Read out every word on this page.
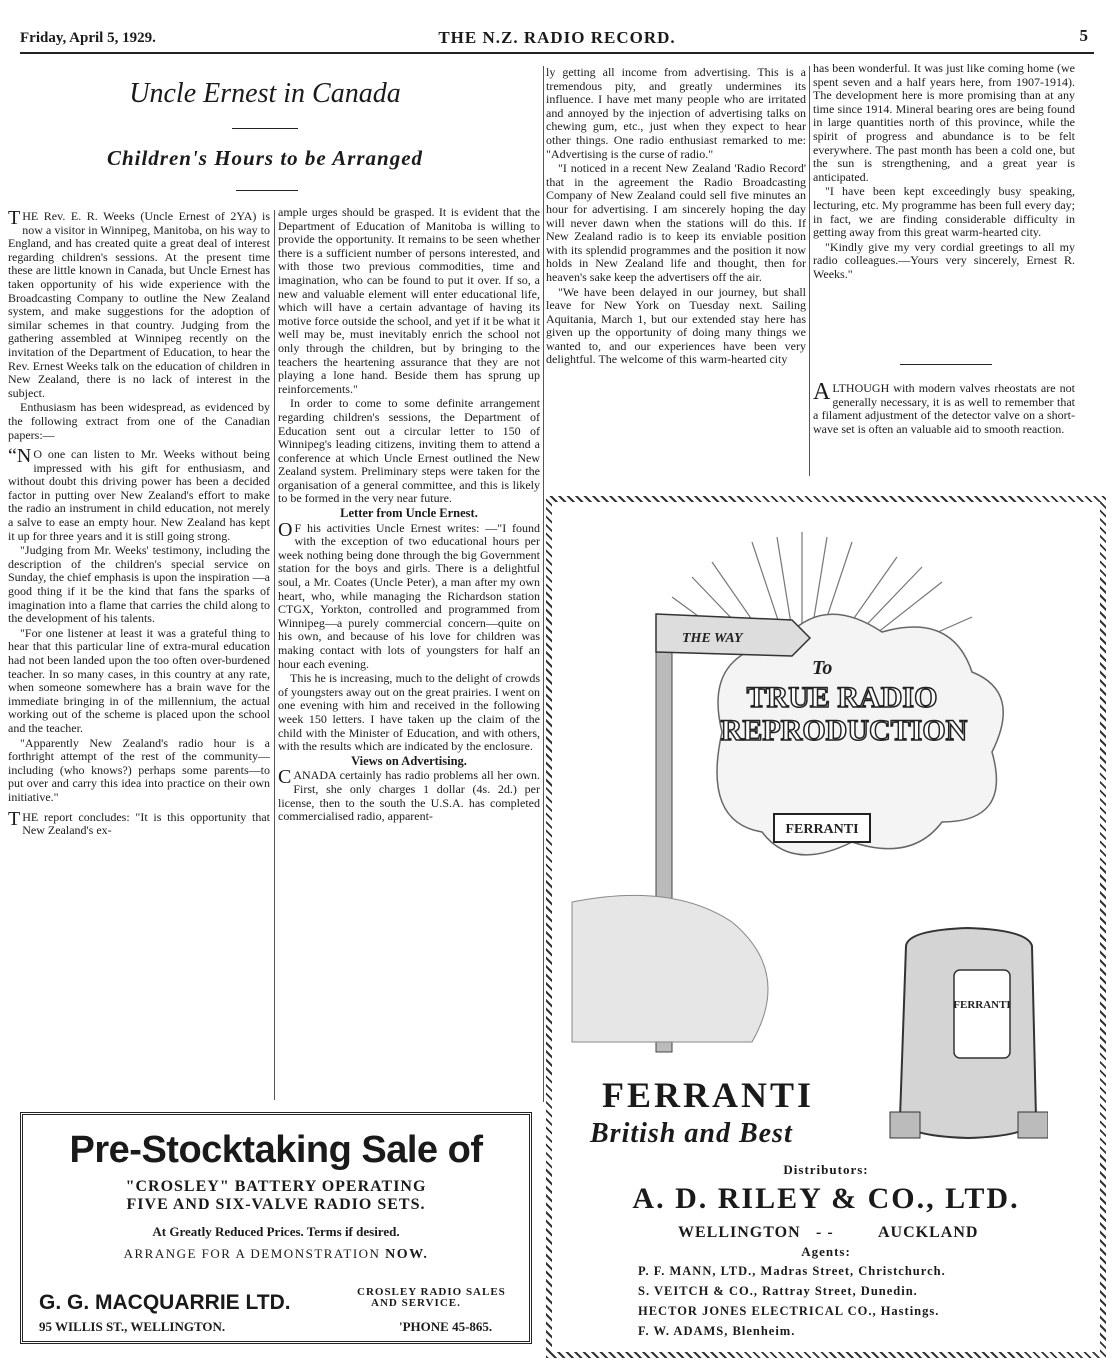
Friday, April 5, 1929.	THE N.Z. RADIO RECORD.	5
Uncle Ernest in Canada
Children's Hours to be Arranged

THE Rev. E. R. Weeks (Uncle Ernest of 2YA) is now a visitor in Winnipeg, Manitoba, on his way to England, and has created quite a great deal of interest regarding children's sessions. At the present time these are little known in Canada, but Uncle Ernest has taken opportunity of his wide experience with the Broadcasting Company to outline the New Zealand system, and make suggestions for the adoption of similar schemes in that country. Judging from the gathering assembled at Winnipeg recently on the invitation of the Department of Education, to hear the Rev. Ernest Weeks talk on the education of children in New Zealand, there is no lack of interest in the subject.

Enthusiasm has been widespread, as evidenced by the following extract from one of the Canadian papers:—

“N O one can listen to Mr. Weeks without being impressed with his gift for enthusiasm, and without doubt this driving power has been a decided factor in putting over New Zealand's effort to make the radio an instrument in child education, not merely a salve to ease an empty hour. New Zealand has kept it up for three years and it is still going strong.

"Judging from Mr. Weeks' testimony, including the description of the children's special service on Sunday, the chief emphasis is upon the inspiration —a good thing if it be the kind that fans the sparks of imagination into a flame that carries the child along to the development of his talents.

"For one listener at least it was a grateful thing to hear that this particular line of extra-mural education had not been landed upon the too often over-burdened teacher. In so many cases, in this country at any rate, when someone somewhere has a brain wave for the immediate bringing in of the millennium, the actual working out of the scheme is placed upon the school and the teacher.

"Apparently New Zealand's radio hour is a forthright attempt of the rest of the community—including (who knows?) perhaps some parents—to put over and carry this idea into practice on their own initiative."

THE report concludes: "It is this opportunity that New Zealand's ex-

ample urges should be grasped. It is evident that the Department of Education of Manitoba is willing to provide the opportunity. It remains to be seen whether there is a sufficient number of persons interested, and with those two previous commodities, time and imagination, who can be found to put it over. If so, a new and valuable element will enter educational life, which will have a certain advantage of having its motive force outside the school, and yet if it be what it well may be, must inevitably enrich the school not only through the children, but by bringing to the teachers the heartening assurance that they are not playing a lone hand. Beside them has sprung up reinforcements."

In order to come to some definite arrangement regarding children's sessions, the Department of Education sent out a circular letter to 150 of Winnipeg's leading citizens, inviting them to attend a conference at which Uncle Ernest outlined the New Zealand system. Preliminary steps were taken for the organisation of a general committee, and this is likely to be formed in the very near future.

Letter from Uncle Ernest.

O F his activities Uncle Ernest writes: —"I found with the exception of two educational hours per week nothing being done through the big Government station for the boys and girls. There is a delightful soul, a Mr. Coates (Uncle Peter), a man after my own heart, who, while managing the Richardson station CTGX, Yorkton, controlled and programmed from Winnipeg—a purely commercial concern—quite on his own, and because of his love for children was making contact with lots of youngsters for half an hour each evening.

This he is increasing, much to the delight of crowds of youngsters away out on the great prairies. I went on one evening with him and received in the following week 150 letters. I have taken up the claim of the child with the Minister of Education, and with others, with the results which are indicated by the enclosure.

Views on Advertising.

CANADA certainly has radio problems all her own. First, she only charges 1 dollar (4s. 2d.) per license, then to the south the U.S.A. has completed commercialised radio, apparent-

ly getting all income from advertising. This is a tremendous pity, and greatly undermines its influence. I have met many people who are irritated and annoyed by the injection of advertising talks on chewing gum, etc., just when they expect to hear other things. One radio enthusiast remarked to me: "Advertising is the curse of radio."

"I noticed in a recent New Zealand 'Radio Record' that in the agreement the Radio Broadcasting Company of New Zealand could sell five minutes an hour for advertising. I am sincerely hoping the day will never dawn when the stations will do this. If New Zealand radio is to keep its enviable position with its splendid programmes and the position it now holds in New Zealand life and thought, then for heaven's sake keep the advertisers off the air.

"We have been delayed in our journey, but shall leave for New York on Tuesday next. Sailing Aquitania, March 1, but our extended stay here has given up the opportunity of doing many things we wanted to, and our experiences have been very delightful. The welcome of this warm-hearted city

has been wonderful. It was just like coming home (we spent seven and a half years here, from 1907-1914). The development here is more promising than at any time since 1914. Mineral bearing ores are being found in large quantities north of this province, while the spirit of progress and abundance is to be felt everywhere. The past month has been a cold one, but the sun is strengthening, and a great year is anticipated.

"I have been kept exceedingly busy speaking, lecturing, etc. My programme has been full every day; in fact, we are finding considerable difficulty in getting away from this great warm-hearted city.

"Kindly give my very cordial greetings to all my radio colleagues.—Yours very sincerely, Ernest R. Weeks."

ALTHOUGH with modern valves rheostats are not generally necessary, it is as well to remember that a filament adjustment of the detector valve on a short-wave set is often an valuable aid to smooth reaction.

Pre-Stocktaking Sale of
"CROSLEY" BATTERY OPERATING
FIVE AND SIX-VALVE RADIO SETS.
At Greatly Reduced Prices. Terms if desired.
ARRANGE FOR A DEMONSTRATION NOW.
G. G. MACQUARRIE LTD.	CROSLEY RADIO SALES
AND SERVICE.
95 WILLIS ST., WELLINGTON.	'PHONE 45-865.
THE WAY
To
TRUE RADIO
REPRODUCTION
FERRANTI
FERRANTI
FERRANTI
British and Best
Distributors:
A. D. RILEY & CO., LTD.
WELLINGTON - -	AUCKLAND
Agents:
P. F. MANN, LTD., Madras Street, Christchurch.
S. VEITCH & CO., Rattray Street, Dunedin.
HECTOR JONES ELECTRICAL CO., Hastings.
F. W. ADAMS, Blenheim.
